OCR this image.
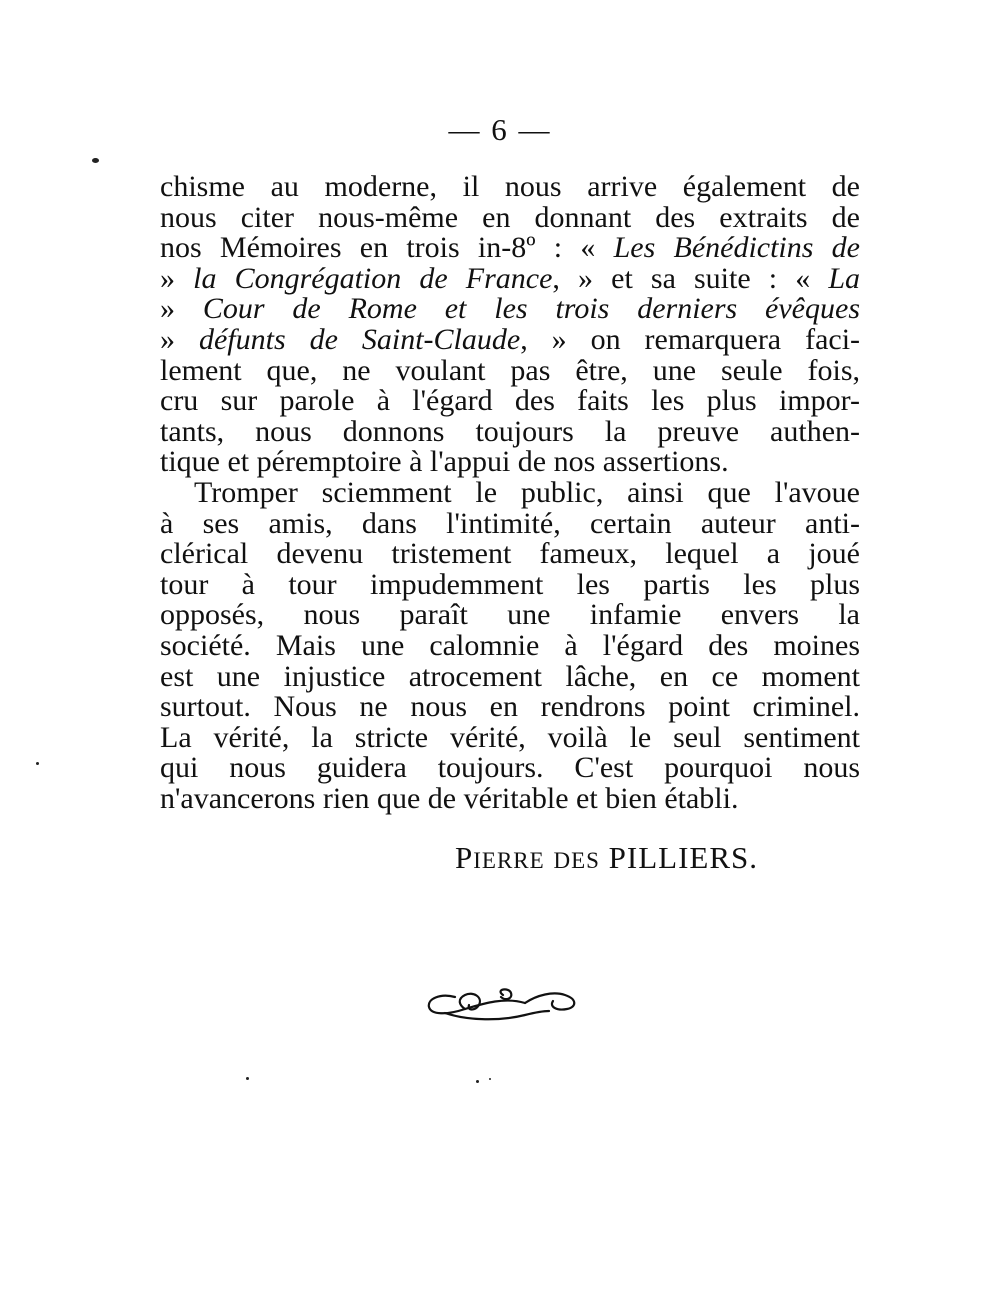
— 6 —
chisme au moderne, il nous arrive également de
nous citer nous-même en donnant des extraits de
nos Mémoires en trois in-8º : « Les Bénédictins de
» la Congrégation de France, » et sa suite : « La
» Cour de Rome et les trois derniers évêques
» défunts de Saint-Claude, » on remarquera faci-
lement que, ne voulant pas être, une seule fois,
cru sur parole à l'égard des faits les plus impor-
tants, nous donnons toujours la preuve authen-
tique et péremptoire à l'appui de nos assertions.
Tromper sciemment le public, ainsi que l'avoue
à ses amis, dans l'intimité, certain auteur anti-
clérical devenu tristement fameux, lequel a joué
tour à tour impudemment les partis les plus
opposés, nous paraît une infamie envers la
société. Mais une calomnie à l'égard des moines
est une injustice atrocement lâche, en ce moment
surtout. Nous ne nous en rendrons point criminel.
La vérité, la stricte vérité, voilà le seul sentiment
qui nous guidera toujours. C'est pourquoi nous
n'avancerons rien que de véritable et bien établi.
PIERRE DES PILLIERS.
